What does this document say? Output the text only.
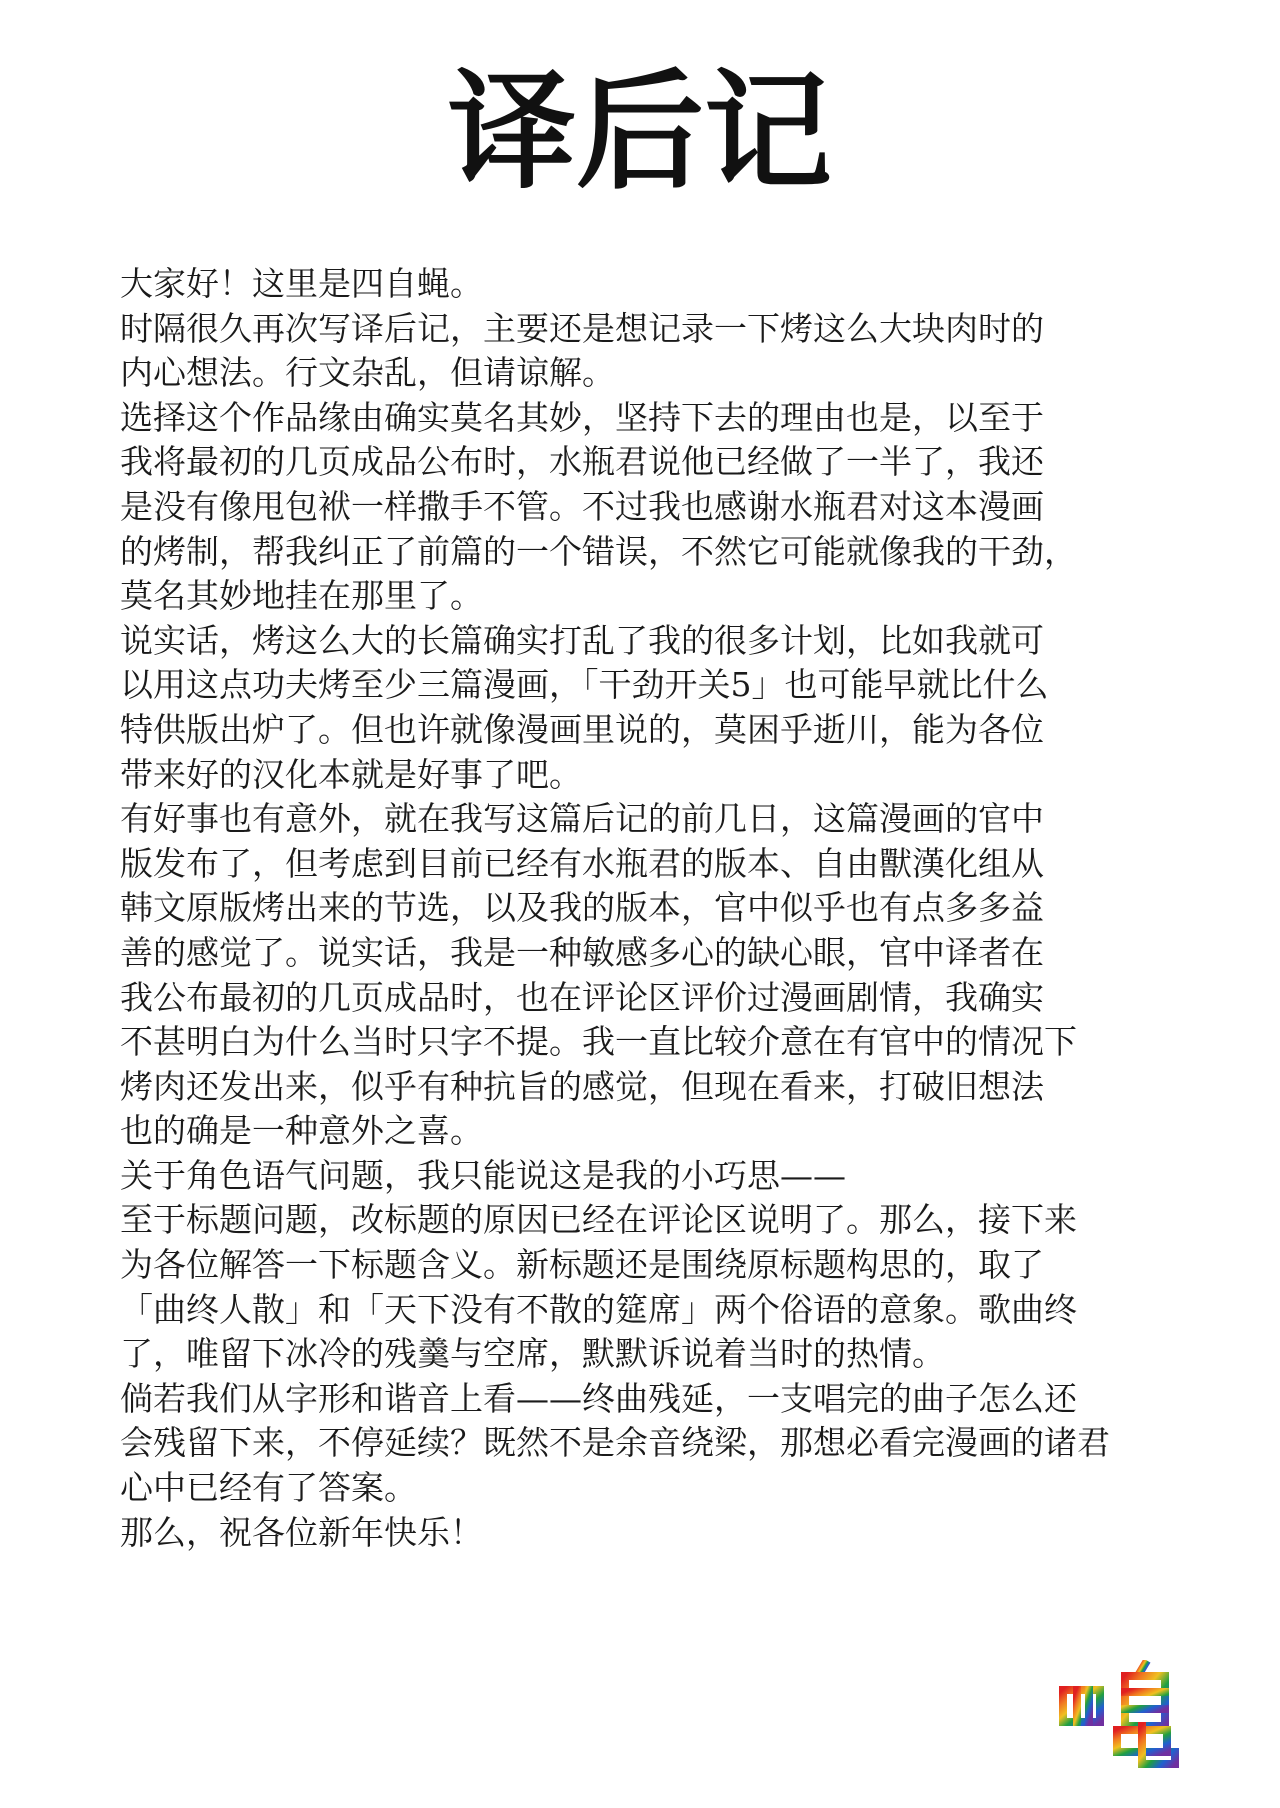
译后记
大家好！这里是四自蝇。
时隔很久再次写译后记，主要还是想记录一下烤这么大块肉时的
内心想法。行文杂乱，但请谅解。
选择这个作品缘由确实莫名其妙，坚持下去的理由也是，以至于
我将最初的几页成品公布时，水瓶君说他已经做了一半了，我还
是没有像甩包袱一样撒手不管。不过我也感谢水瓶君对这本漫画
的烤制，帮我纠正了前篇的一个错误，不然它可能就像我的干劲，
莫名其妙地挂在那里了。
说实话，烤这么大的长篇确实打乱了我的很多计划，比如我就可
以用这点功夫烤至少三篇漫画，「干劲开关5」也可能早就比什么
特供版出炉了。但也许就像漫画里说的，莫困乎逝川，能为各位
带来好的汉化本就是好事了吧。
有好事也有意外，就在我写这篇后记的前几日，这篇漫画的官中
版发布了，但考虑到目前已经有水瓶君的版本、自由獸漢化组从
韩文原版烤出来的节选，以及我的版本，官中似乎也有点多多益
善的感觉了。说实话，我是一种敏感多心的缺心眼，官中译者在
我公布最初的几页成品时，也在评论区评价过漫画剧情，我确实
不甚明白为什么当时只字不提。我一直比较介意在有官中的情况下
烤肉还发出来，似乎有种抗旨的感觉，但现在看来，打破旧想法
也的确是一种意外之喜。
关于角色语气问题，我只能说这是我的小巧思——
至于标题问题，改标题的原因已经在评论区说明了。那么，接下来
为各位解答一下标题含义。新标题还是围绕原标题构思的，取了
「曲终人散」和「天下没有不散的筵席」两个俗语的意象。歌曲终
了，唯留下冰冷的残羹与空席，默默诉说着当时的热情。
倘若我们从字形和谐音上看——终曲残延，一支唱完的曲子怎么还
会残留下来，不停延续？既然不是余音绕梁，那想必看完漫画的诸君
心中已经有了答案。
那么，祝各位新年快乐！
